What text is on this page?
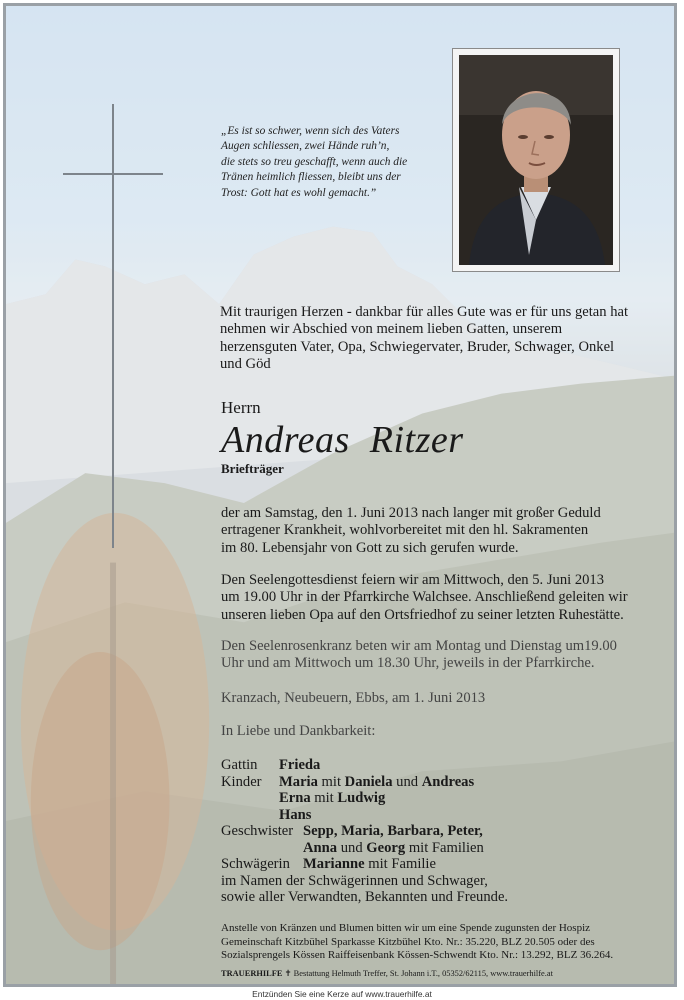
„Es ist so schwer, wenn sich des Vaters
Augen schliessen, zwei Hände ruh’n,
die stets so treu geschafft, wenn auch die
Tränen heimlich fliessen, bleibt uns der
Trost: Gott hat es wohl gemacht.”
Mit traurigen Herzen - dankbar für alles Gute was er für uns getan hat
nehmen wir Abschied von meinem lieben Gatten, unserem
herzensguten Vater, Opa, Schwiegervater, Bruder, Schwager, Onkel
und Göd
Herrn
Andreas  Ritzer
Briefträger
der am Samstag, den 1. Juni 2013 nach langer mit großer Geduld
ertragener Krankheit, wohlvorbereitet mit den hl. Sakramenten
im 80. Lebensjahr von Gott zu sich gerufen wurde.
Den Seelengottesdienst feiern wir am Mittwoch, den 5. Juni 2013
um 19.00 Uhr in der Pfarrkirche Walchsee. Anschließend geleiten wir
unseren lieben Opa auf den Ortsfriedhof zu seiner letzten Ruhestätte.
Den Seelenrosenkranz beten wir am Montag und Dienstag um19.00
Uhr und am Mittwoch um 18.30 Uhr, jeweils in der Pfarrkirche.
Kranzach, Neubeuern, Ebbs, am 1. Juni 2013
In Liebe und Dankbarkeit:
Gattin Frieda
Kinder Maria mit Daniela und Andreas
Erna mit Ludwig
Hans
Geschwister Sepp, Maria, Barbara, Peter,
Anna und Georg mit Familien
Schwägerin Marianne mit Familie
im Namen der Schwägerinnen und Schwager,
sowie aller Verwandten, Bekannten und Freunde.
Anstelle von Kränzen und Blumen bitten wir um eine Spende zugunsten der Hospiz
Gemeinschaft Kitzbühel Sparkasse Kitzbühel Kto. Nr.: 35.220, BLZ 20.505 oder des
Sozialsprengels Kössen Raiffeisenbank Kössen-Schwendt Kto. Nr.: 13.292, BLZ 36.264.
TRAUERHILFE ✝ Bestattung Helmuth Treffer, St. Johann i.T., 05352/62115, www.trauerhilfe.at
Entzünden Sie eine Kerze auf www.trauerhilfe.at
